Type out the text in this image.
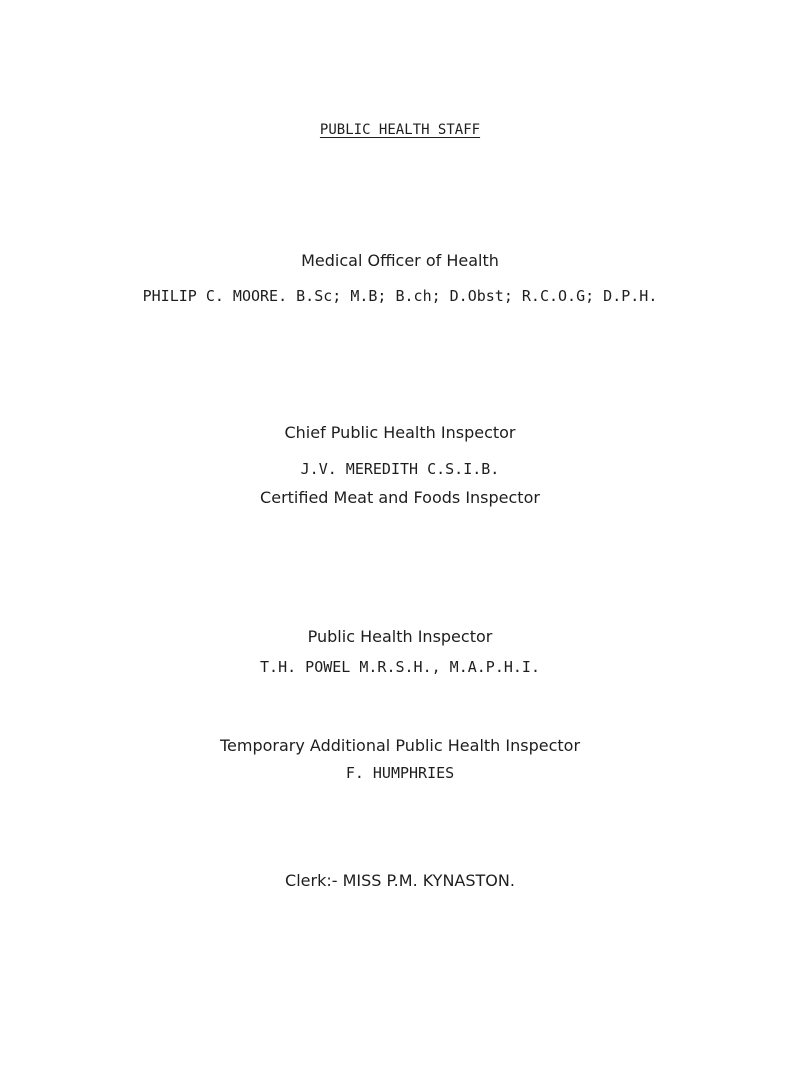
PUBLIC HEALTH STAFF
Medical Officer of Health
PHILIP C. MOORE. B.Sc; M.B; B.ch; D.Obst; R.C.O.G; D.P.H.
Chief Public Health Inspector
J.V. MEREDITH C.S.I.B.
Certified Meat and Foods Inspector
Public Health Inspector
T.H. POWEL M.R.S.H., M.A.P.H.I.
Temporary Additional Public Health Inspector
F. HUMPHRIES
Clerk:- MISS P.M. KYNASTON.
